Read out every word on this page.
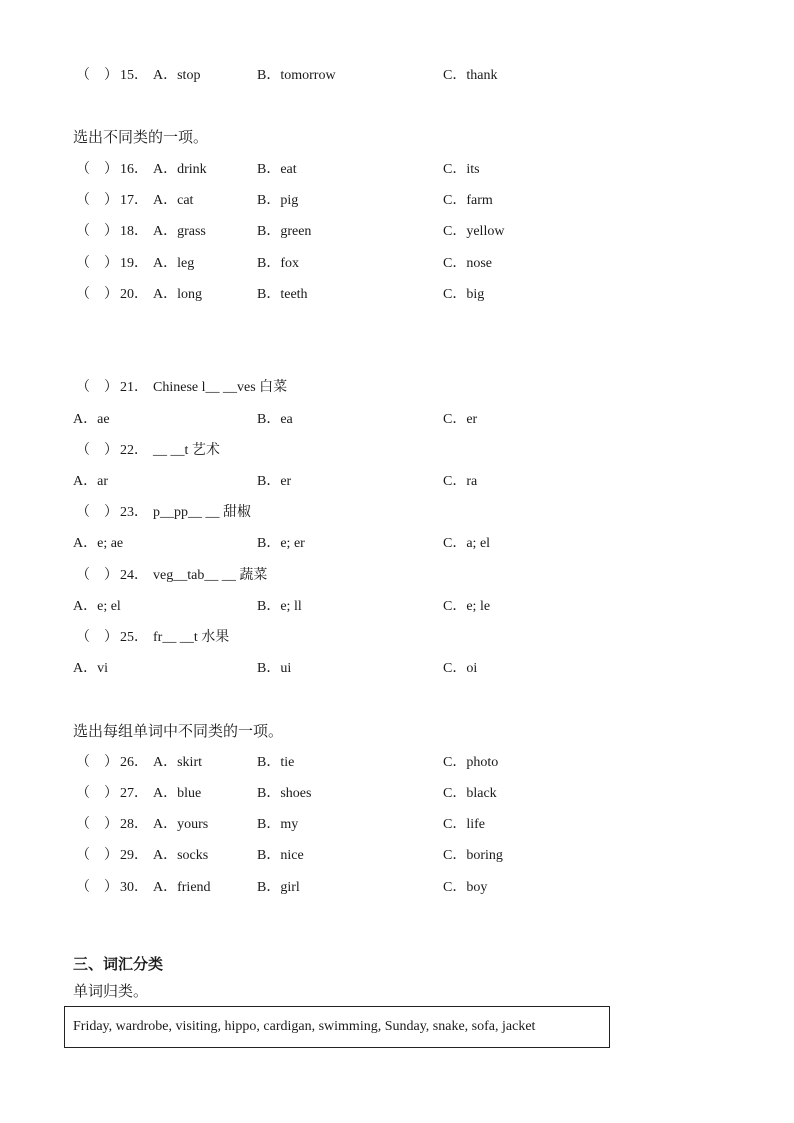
（　） 15． A．stop	B．tomorrow	C．thank
选出不同类的一项。
（　） 16． A．drink	B．eat	C．its
（　） 17． A．cat	B．pig	C．farm
（　） 18． A．grass	B．green	C．yellow
（　） 19． A．leg	B．fox	C．nose
（　） 20． A．long	B．teeth	C．big
（　） 21． Chinese l__ __ves 白菜
A．ae	B．ea	C．er
（　） 22． __ __t 艺术
A．ar	B．er	C．ra
（　） 23． p__pp__ __ 甜椒
A．e; ae	B．e; er	C．a; el
（　） 24． veg__tab__ __ 蔬菜
A．e; el	B．e; ll	C．e; le
（　） 25． fr__ __t 水果
A．vi	B．ui	C．oi
选出每组单词中不同类的一项。
（　） 26． A．skirt	B．tie	C．photo
（　） 27． A．blue	B．shoes	C．black
（　） 28． A．yours	B．my	C．life
（　） 29． A．socks	B．nice	C．boring
（　） 30． A．friend	B．girl	C．boy
三、词汇分类
单词归类。
Friday, wardrobe, visiting, hippo, cardigan, swimming, Sunday, snake, sofa, jacket
